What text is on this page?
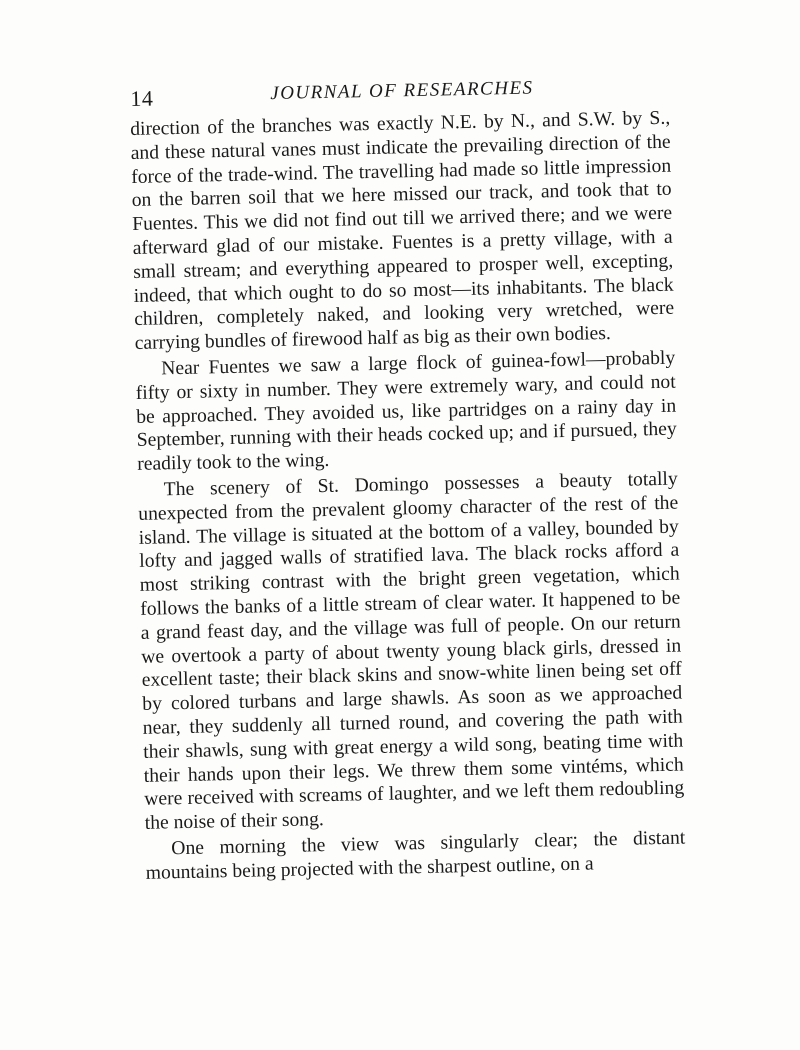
14	JOURNAL OF RESEARCHES

direction of the branches was exactly N.E. by N., and S.W. by S., and these natural vanes must indicate the prevailing direction of the force of the trade-wind. The travelling had made so little impression on the barren soil that we here missed our track, and took that to Fuentes. This we did not find out till we arrived there; and we were afterward glad of our mistake. Fuentes is a pretty village, with a small stream; and everything appeared to prosper well, excepting, indeed, that which ought to do so most—its inhabitants. The black children, completely naked, and looking very wretched, were carrying bundles of firewood half as big as their own bodies.

Near Fuentes we saw a large flock of guinea-fowl—probably fifty or sixty in number. They were extremely wary, and could not be approached. They avoided us, like partridges on a rainy day in September, running with their heads cocked up; and if pursued, they readily took to the wing.

The scenery of St. Domingo possesses a beauty totally unexpected from the prevalent gloomy character of the rest of the island. The village is situated at the bottom of a valley, bounded by lofty and jagged walls of stratified lava. The black rocks afford a most striking contrast with the bright green vegetation, which follows the banks of a little stream of clear water. It happened to be a grand feast day, and the village was full of people. On our return we overtook a party of about twenty young black girls, dressed in excellent taste; their black skins and snow-white linen being set off by colored turbans and large shawls. As soon as we approached near, they suddenly all turned round, and covering the path with their shawls, sung with great energy a wild song, beating time with their hands upon their legs. We threw them some vintéms, which were received with screams of laughter, and we left them redoubling the noise of their song.

One morning the view was singularly clear; the distant mountains being projected with the sharpest outline, on a
